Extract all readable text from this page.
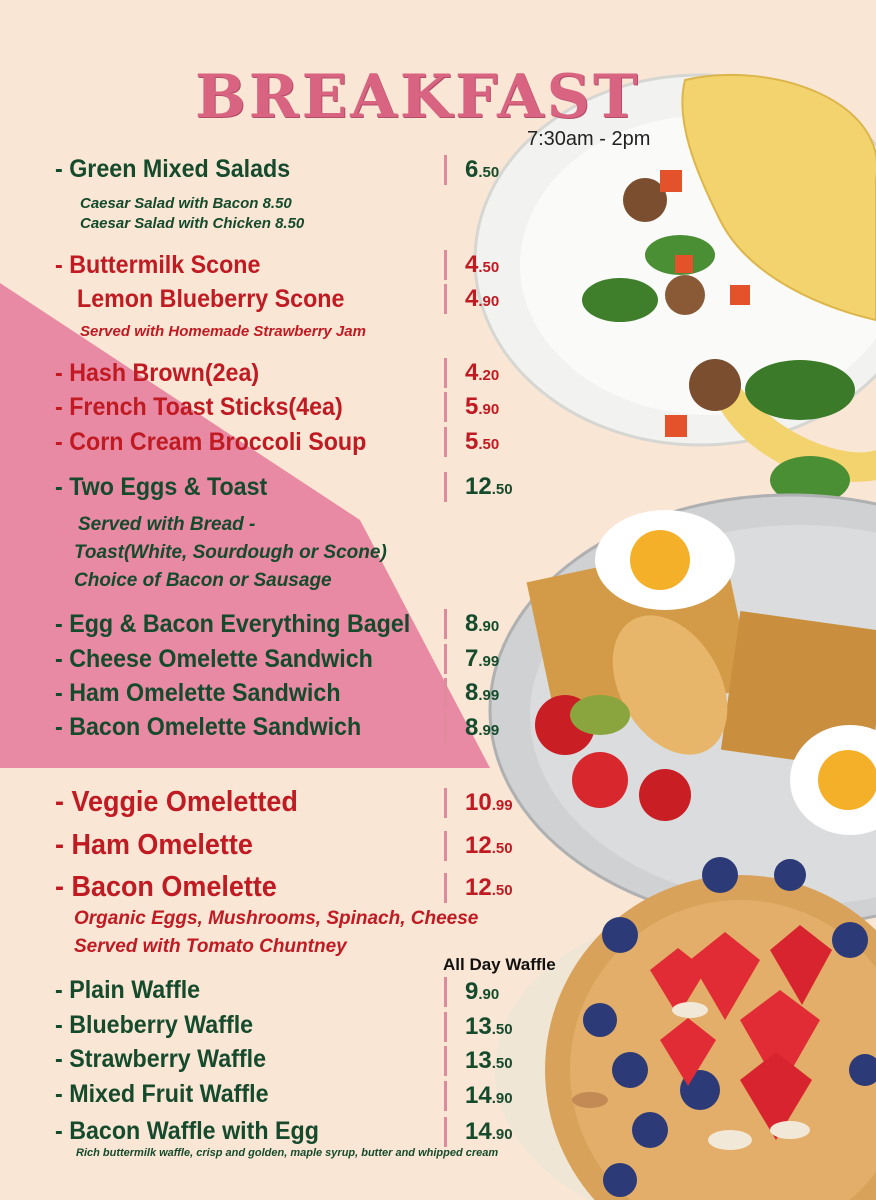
BREAKFAST
7:30am - 2pm
- Green Mixed Salads	6.50
Caesar Salad with Bacon 8.50
Caesar Salad with Chicken 8.50
- Buttermilk Scone	4.50
Lemon Blueberry Scone	4.90
Served with Homemade Strawberry Jam
- Hash Brown(2ea)	4.20
- French Toast Sticks(4ea)	5.90
- Corn Cream Broccoli Soup	5.50
- Two Eggs & Toast	12.50
Served with Bread -
Toast(White, Sourdough or Scone)
Choice of Bacon or Sausage
- Egg & Bacon Everything Bagel	8.90
- Cheese Omelette Sandwich	7.99
- Ham Omelette Sandwich	8.99
- Bacon Omelette Sandwich	8.99
- Veggie Omeletted	10.99
- Ham Omelette	12.50
- Bacon Omelette	12.50
Organic Eggs, Mushrooms, Spinach, Cheese
Served with Tomato Chuntney
All Day Waffle
- Plain Waffle	9.90
- Blueberry Waffle	13.50
- Strawberry Waffle	13.50
- Mixed Fruit Waffle	14.90
- Bacon Waffle with Egg	14.90
Rich buttermilk waffle, crisp and golden, maple syrup, butter and whipped cream
